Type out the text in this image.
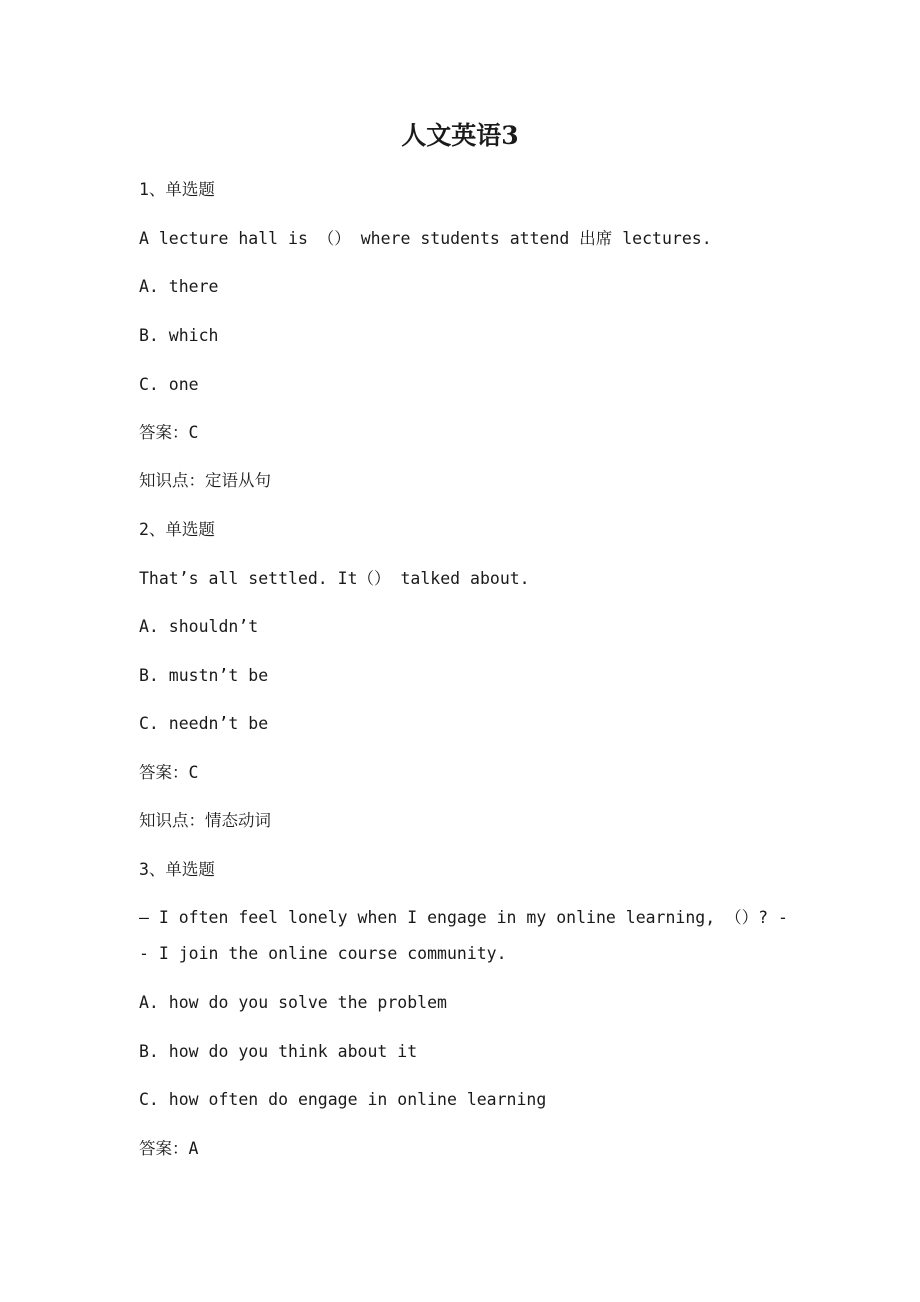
人文英语3
1、单选题
A lecture hall is （） where students attend 出席 lectures.
A. there
B. which
C. one
答案：C
知识点：定语从句
2、单选题
That’s all settled. It（） talked about.
A. shouldn’t
B. mustn’t be
C. needn’t be
答案：C
知识点：情态动词
3、单选题
– I often feel lonely when I engage in my online learning, （）? -- I join the online course community.
A. how do you solve the problem
B. how do you think about it
C. how often do engage in online learning
答案：A
